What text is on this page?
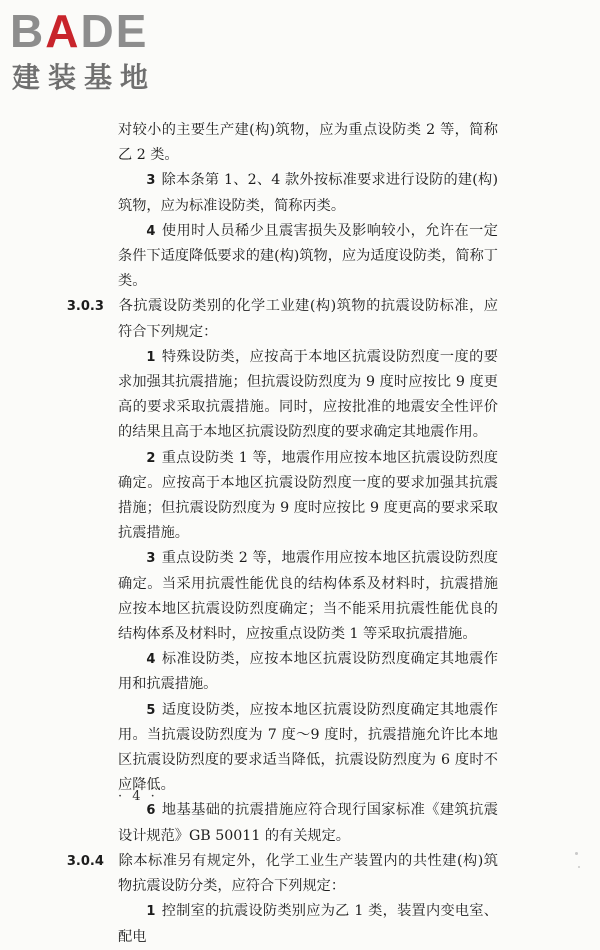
BADE
建装基地

对较小的主要生产建(构)筑物，应为重点设防类 2 等，简称乙 2 类。

3 除本条第 1、2、4 款外按标准要求进行设防的建(构)筑物，应为标准设防类，简称丙类。

4 使用时人员稀少且震害损失及影响较小，允许在一定条件下适度降低要求的建(构)筑物，应为适度设防类，简称丁类。

3.0.3  各抗震设防类别的化学工业建(构)筑物的抗震设防标准，应符合下列规定：

1 特殊设防类，应按高于本地区抗震设防烈度一度的要求加强其抗震措施；但抗震设防烈度为 9 度时应按比 9 度更高的要求采取抗震措施。同时，应按批准的地震安全性评价的结果且高于本地区抗震设防烈度的要求确定其地震作用。

2 重点设防类 1 等，地震作用应按本地区抗震设防烈度确定。应按高于本地区抗震设防烈度一度的要求加强其抗震措施；但抗震设防烈度为 9 度时应按比 9 度更高的要求采取抗震措施。

3 重点设防类 2 等，地震作用应按本地区抗震设防烈度确定。当采用抗震性能优良的结构体系及材料时，抗震措施应按本地区抗震设防烈度确定；当不能采用抗震性能优良的结构体系及材料时，应按重点设防类 1 等采取抗震措施。

4 标准设防类，应按本地区抗震设防烈度确定其地震作用和抗震措施。

5 适度设防类，应按本地区抗震设防烈度确定其地震作用。当抗震设防烈度为 7 度～9 度时，抗震措施允许比本地区抗震设防烈度的要求适当降低，抗震设防烈度为 6 度时不应降低。

6 地基基础的抗震措施应符合现行国家标准《建筑抗震设计规范》GB 50011 的有关规定。

3.0.4  除本标准另有规定外，化学工业生产装置内的共性建(构)筑物抗震设防分类，应符合下列规定：

1 控制室的抗震设防类别应为乙 1 类，装置内变电室、配电

· 4 ·
